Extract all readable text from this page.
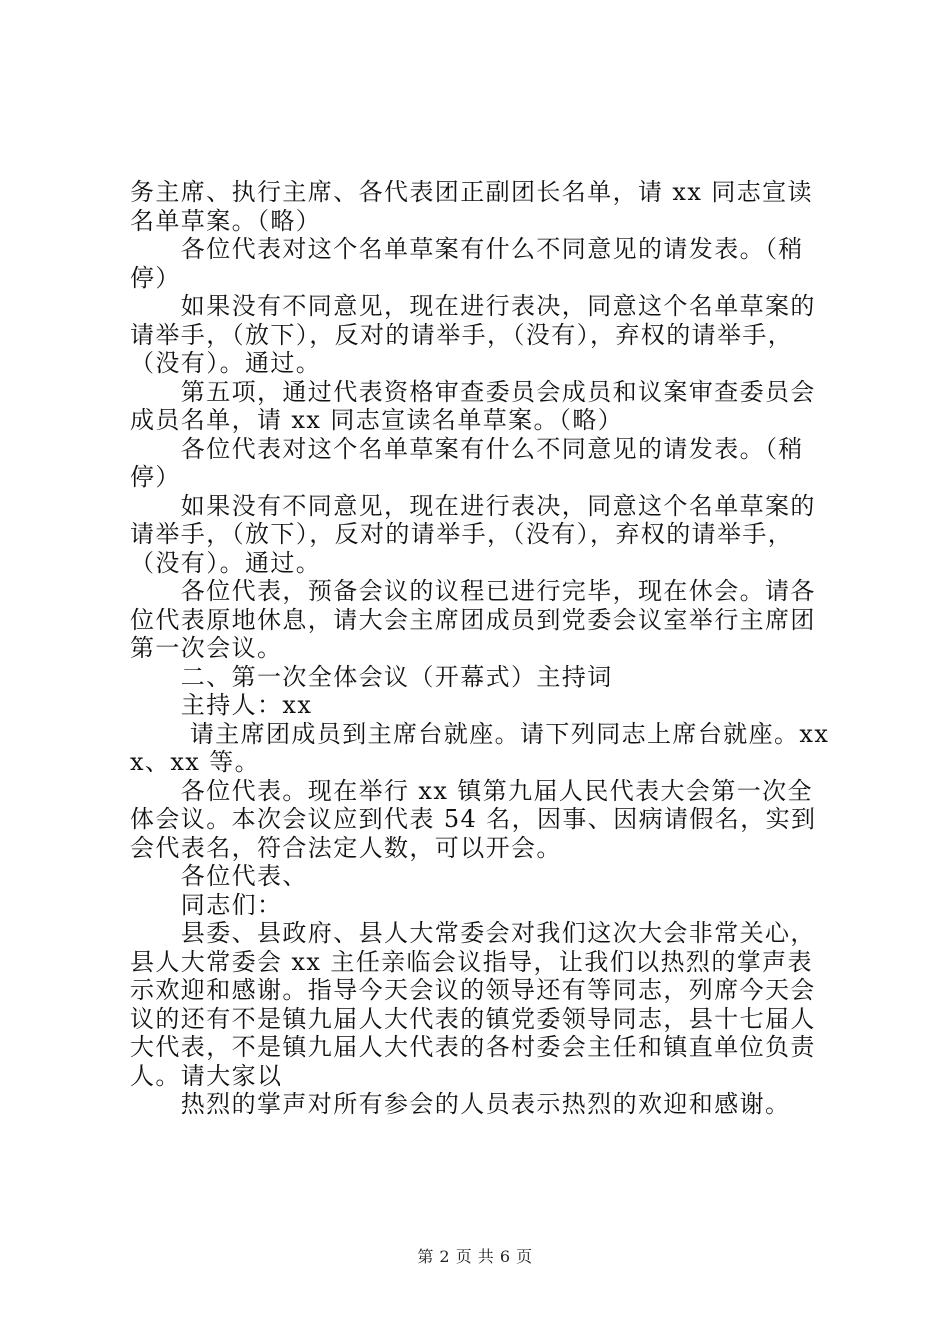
务主席、执行主席、各代表团正副团长名单，请 xx 同志宣读名单草案。（略）

　　各位代表对这个名单草案有什么不同意见的请发表。（稍停）

　　如果没有不同意见，现在进行表决，同意这个名单草案的请举手，（放下），反对的请举手，（没有），弃权的请举手，（没有）。通过。

　　第五项，通过代表资格审查委员会成员和议案审查委员会成员名单，请 xx 同志宣读名单草案。（略）

　　各位代表对这个名单草案有什么不同意见的请发表。（稍停）

　　如果没有不同意见，现在进行表决，同意这个名单草案的请举手，（放下），反对的请举手，（没有），弃权的请举手，（没有）。通过。

　　各位代表，预备会议的议程已进行完毕，现在休会。请各位代表原地休息，请大会主席团成员到党委会议室举行主席团第一次会议。

　　二、第一次全体会议（开幕式）主持词

　　主持人：xx

　　 请主席团成员到主席台就座。请下列同志上席台就座。xxx、xx 等。

　　各位代表。现在举行 xx 镇第九届人民代表大会第一次全体会议。本次会议应到代表 54 名，因事、因病请假名，实到会代表名，符合法定人数，可以开会。

　　各位代表、

　　同志们：

　　县委、县政府、县人大常委会对我们这次大会非常关心，县人大常委会 xx 主任亲临会议指导，让我们以热烈的掌声表示欢迎和感谢。指导今天会议的领导还有等同志，列席今天会议的还有不是镇九届人大代表的镇党委领导同志，县十七届人大代表，不是镇九届人大代表的各村委会主任和镇直单位负责人。请大家以

　　热烈的掌声对所有参会的人员表示热烈的欢迎和感谢。

第 2 页 共 6 页
